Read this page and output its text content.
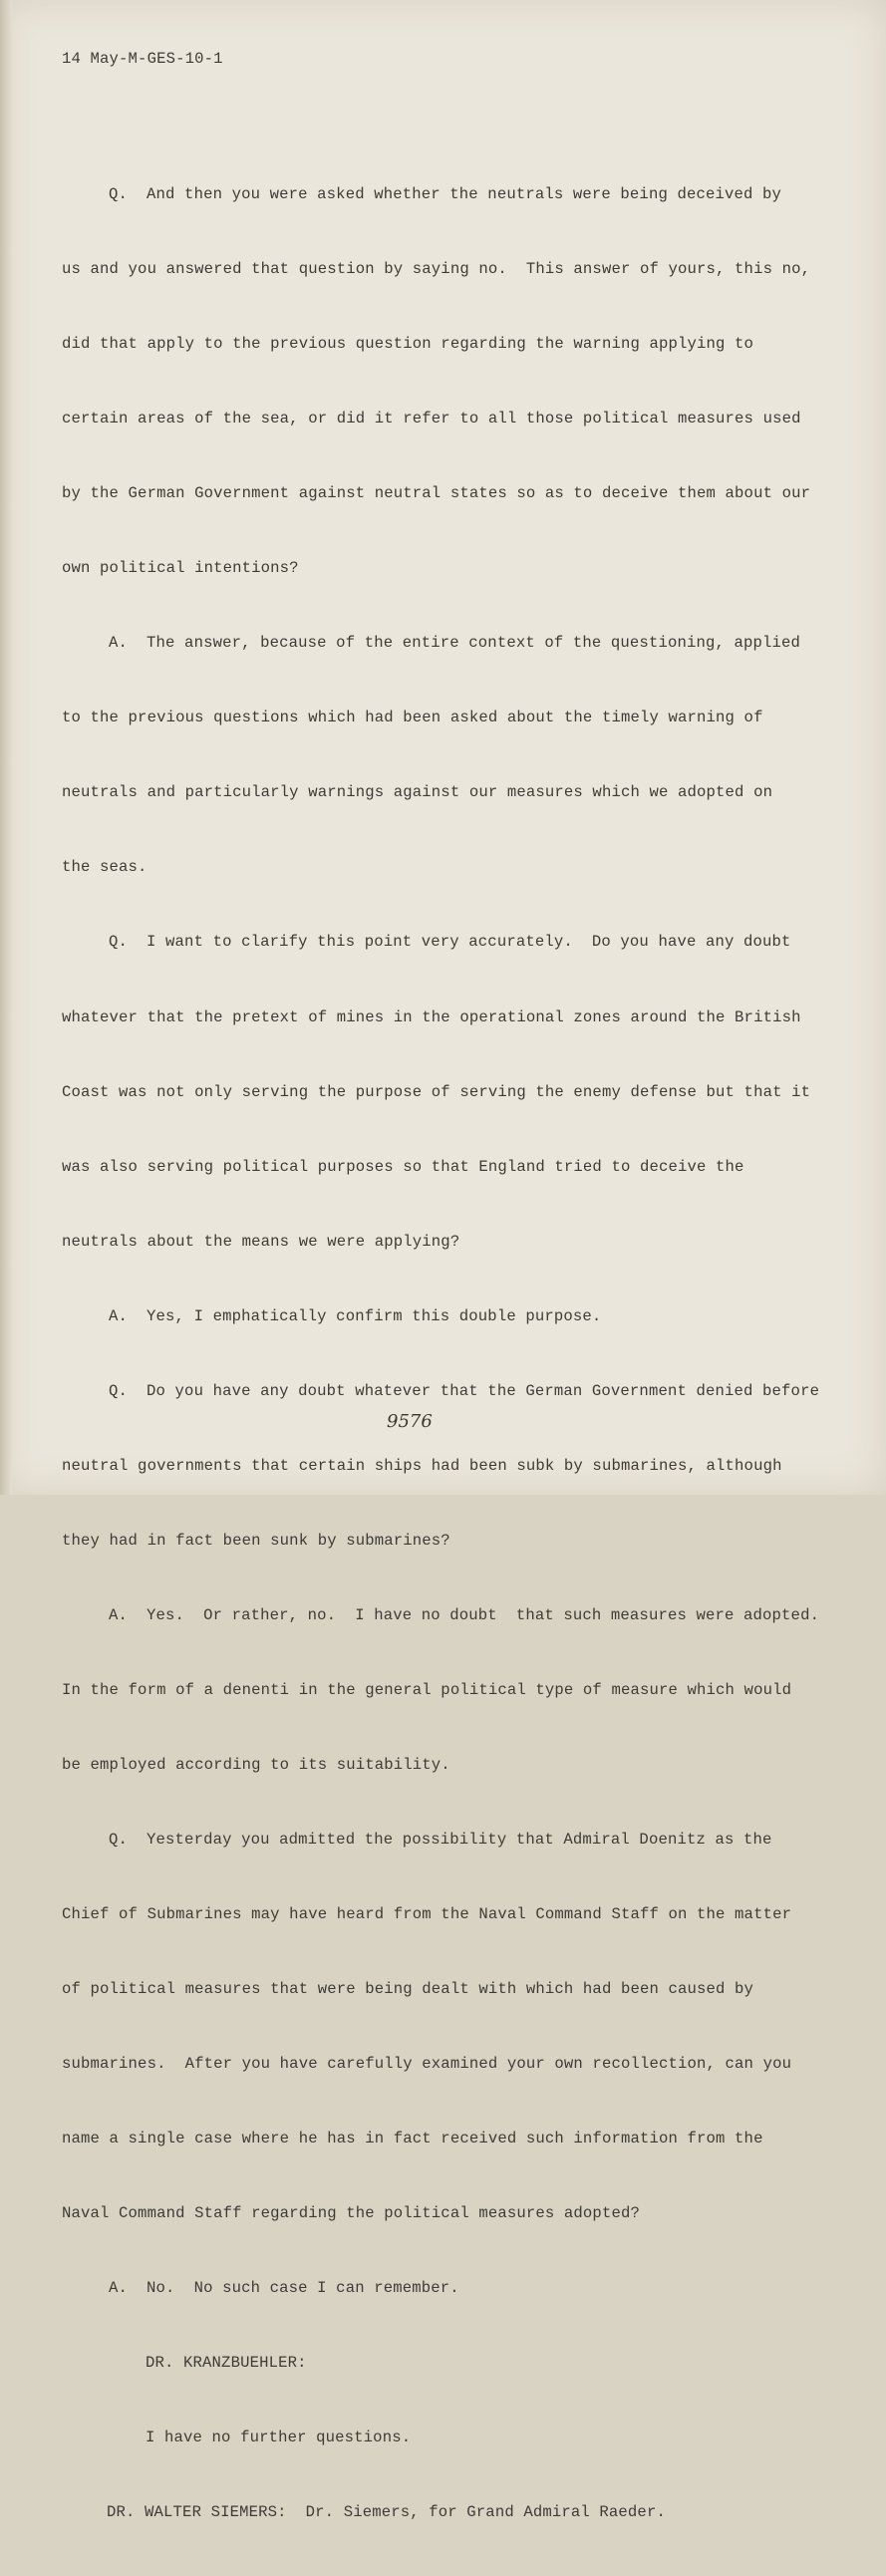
14 May-M-GES-10-1

Q.  And then you were asked whether the neutrals were being deceived by

us and you answered that question by saying no.  This answer of yours, this no,

did that apply to the previous question regarding the warning applying to

certain areas of the sea, or did it refer to all those political measures used

by the German Government against neutral states so as to deceive them about our

own political intentions?

A.  The answer, because of the entire context of the questioning, applied

to the previous questions which had been asked about the timely warning of

neutrals and particularly warnings against our measures which we adopted on

the seas.

Q.  I want to clarify this point very accurately.  Do you have any doubt

whatever that the pretext of mines in the operational zones around the British

Coast was not only serving the purpose of serving the enemy defense but that it

was also serving political purposes so that England tried to deceive the

neutrals about the means we were applying?

A.  Yes, I emphatically confirm this double purpose.

Q.  Do you have any doubt whatever that the German Government denied before

neutral governments that certain ships had been subk by submarines, although

they had in fact been sunk by submarines?

A.  Yes.  Or rather, no.  I have no doubt  that such measures were adopted.

In the form of a denenti in the general political type of measure which would

be employed according to its suitability.

Q.  Yesterday you admitted the possibility that Admiral Doenitz as the

Chief of Submarines may have heard from the Naval Command Staff on the matter

of political measures that were being dealt with which had been caused by

submarines.  After you have carefully examined your own recollection, can you

name a single case where he has in fact received such information from the

Naval Command Staff regarding the political measures adopted?

A.  No.  No such case I can remember.

DR. KRANZBUEHLER:

I have no further questions.

DR. WALTER SIEMERS:  Dr. Siemers, for Grand Admiral Raeder.

9576
